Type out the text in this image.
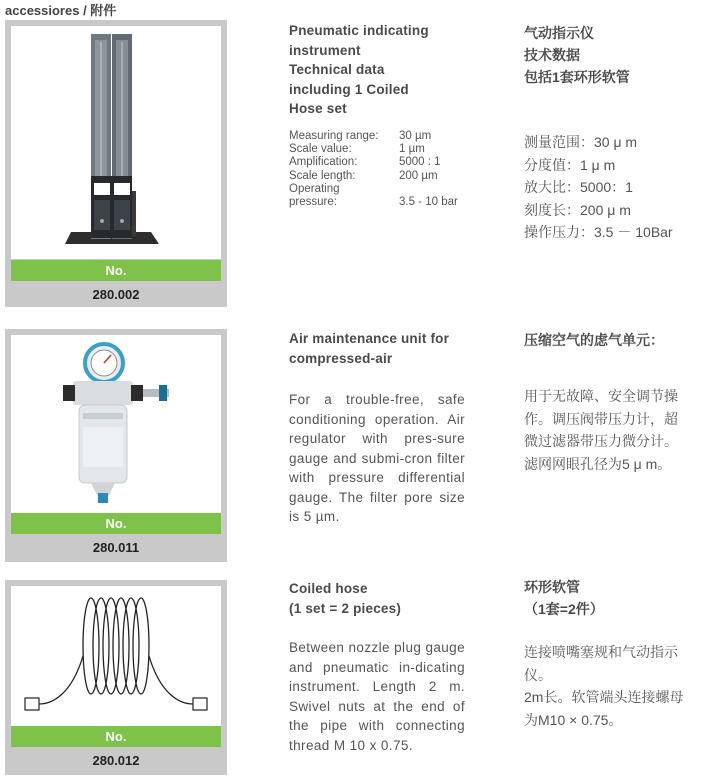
accessiores / 附件
No.
280.002
Pneumatic indicating
instrument
Technical data
including 1 Coiled
Hose set
Measuring range:	30 µm
Scale value:	1 µm
Amplification:	5000 : 1
Scale length:	200 µm
Operating
pressure:	3.5 - 10 bar
气动指示仪
技术数据
包括1套环形软管
测量范围：30 μ m
分度值：1 μ m
放大比：5000：1
刻度长：200 μ m
操作压力：3.5 － 10Bar
No.
280.011
Air maintenance unit for
compressed-air
For a trouble-free, safe conditioning operation. Air regulator with pres-sure gauge and submi-cron filter with pressure differential gauge. The filter pore size is 5 µm.
压缩空气的虑气单元：
用于无故障、安全调节操
作。调压阀带压力计，超
微过滤器带压力微分计。
滤网网眼孔径为5 μ m。
No.
280.012
Coiled hose
(1 set = 2 pieces)
Between nozzle plug gauge and pneumatic in-dicating instrument. Length 2 m. Swivel nuts at the end of the pipe with connecting thread M 10 x 0.75.
环形软管
（1套=2件）
连接喷嘴塞规和气动指示
仪。
2m长。软管端头连接螺母
为M10 × 0.75。
